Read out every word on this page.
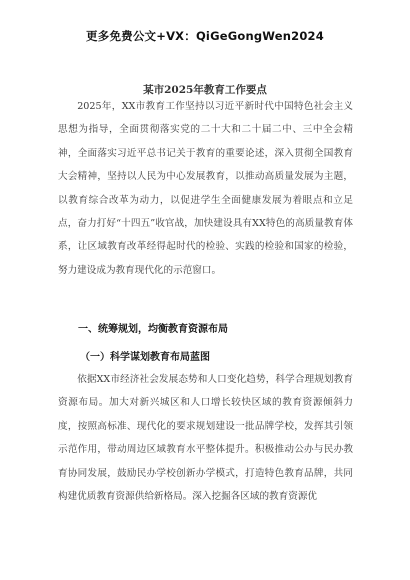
更多免费公文+VX：QiGeGongWen2024
某市2025年教育工作要点

2025年，XX市教育工作坚持以习近平新时代中国特色社会主义思想为指导，全面贯彻落实党的二十大和二十届二中、三中全会精神，全面落实习近平总书记关于教育的重要论述，深入贯彻全国教育大会精神，坚持以人民为中心发展教育，以推动高质量发展为主题，以教育综合改革为动力，以促进学生全面健康发展为着眼点和立足点，奋力打好“十四五”收官战，加快建设具有XX特色的高质量教育体系，让区域教育改革经得起时代的检验、实践的检验和国家的检验，努力建设成为教育现代化的示范窗口。

一、统筹规划，均衡教育资源布局
（一）科学谋划教育布局蓝图

依据XX市经济社会发展态势和人口变化趋势，科学合理规划教育资源布局。加大对新兴城区和人口增长较快区域的教育资源倾斜力度，按照高标准、现代化的要求规划建设一批品牌学校，发挥其引领示范作用，带动周边区域教育水平整体提升。积极推动公办与民办教育协同发展，鼓励民办学校创新办学模式，打造特色教育品牌，共同构建优质教育资源供给新格局。深入挖掘各区域的教育资源优
